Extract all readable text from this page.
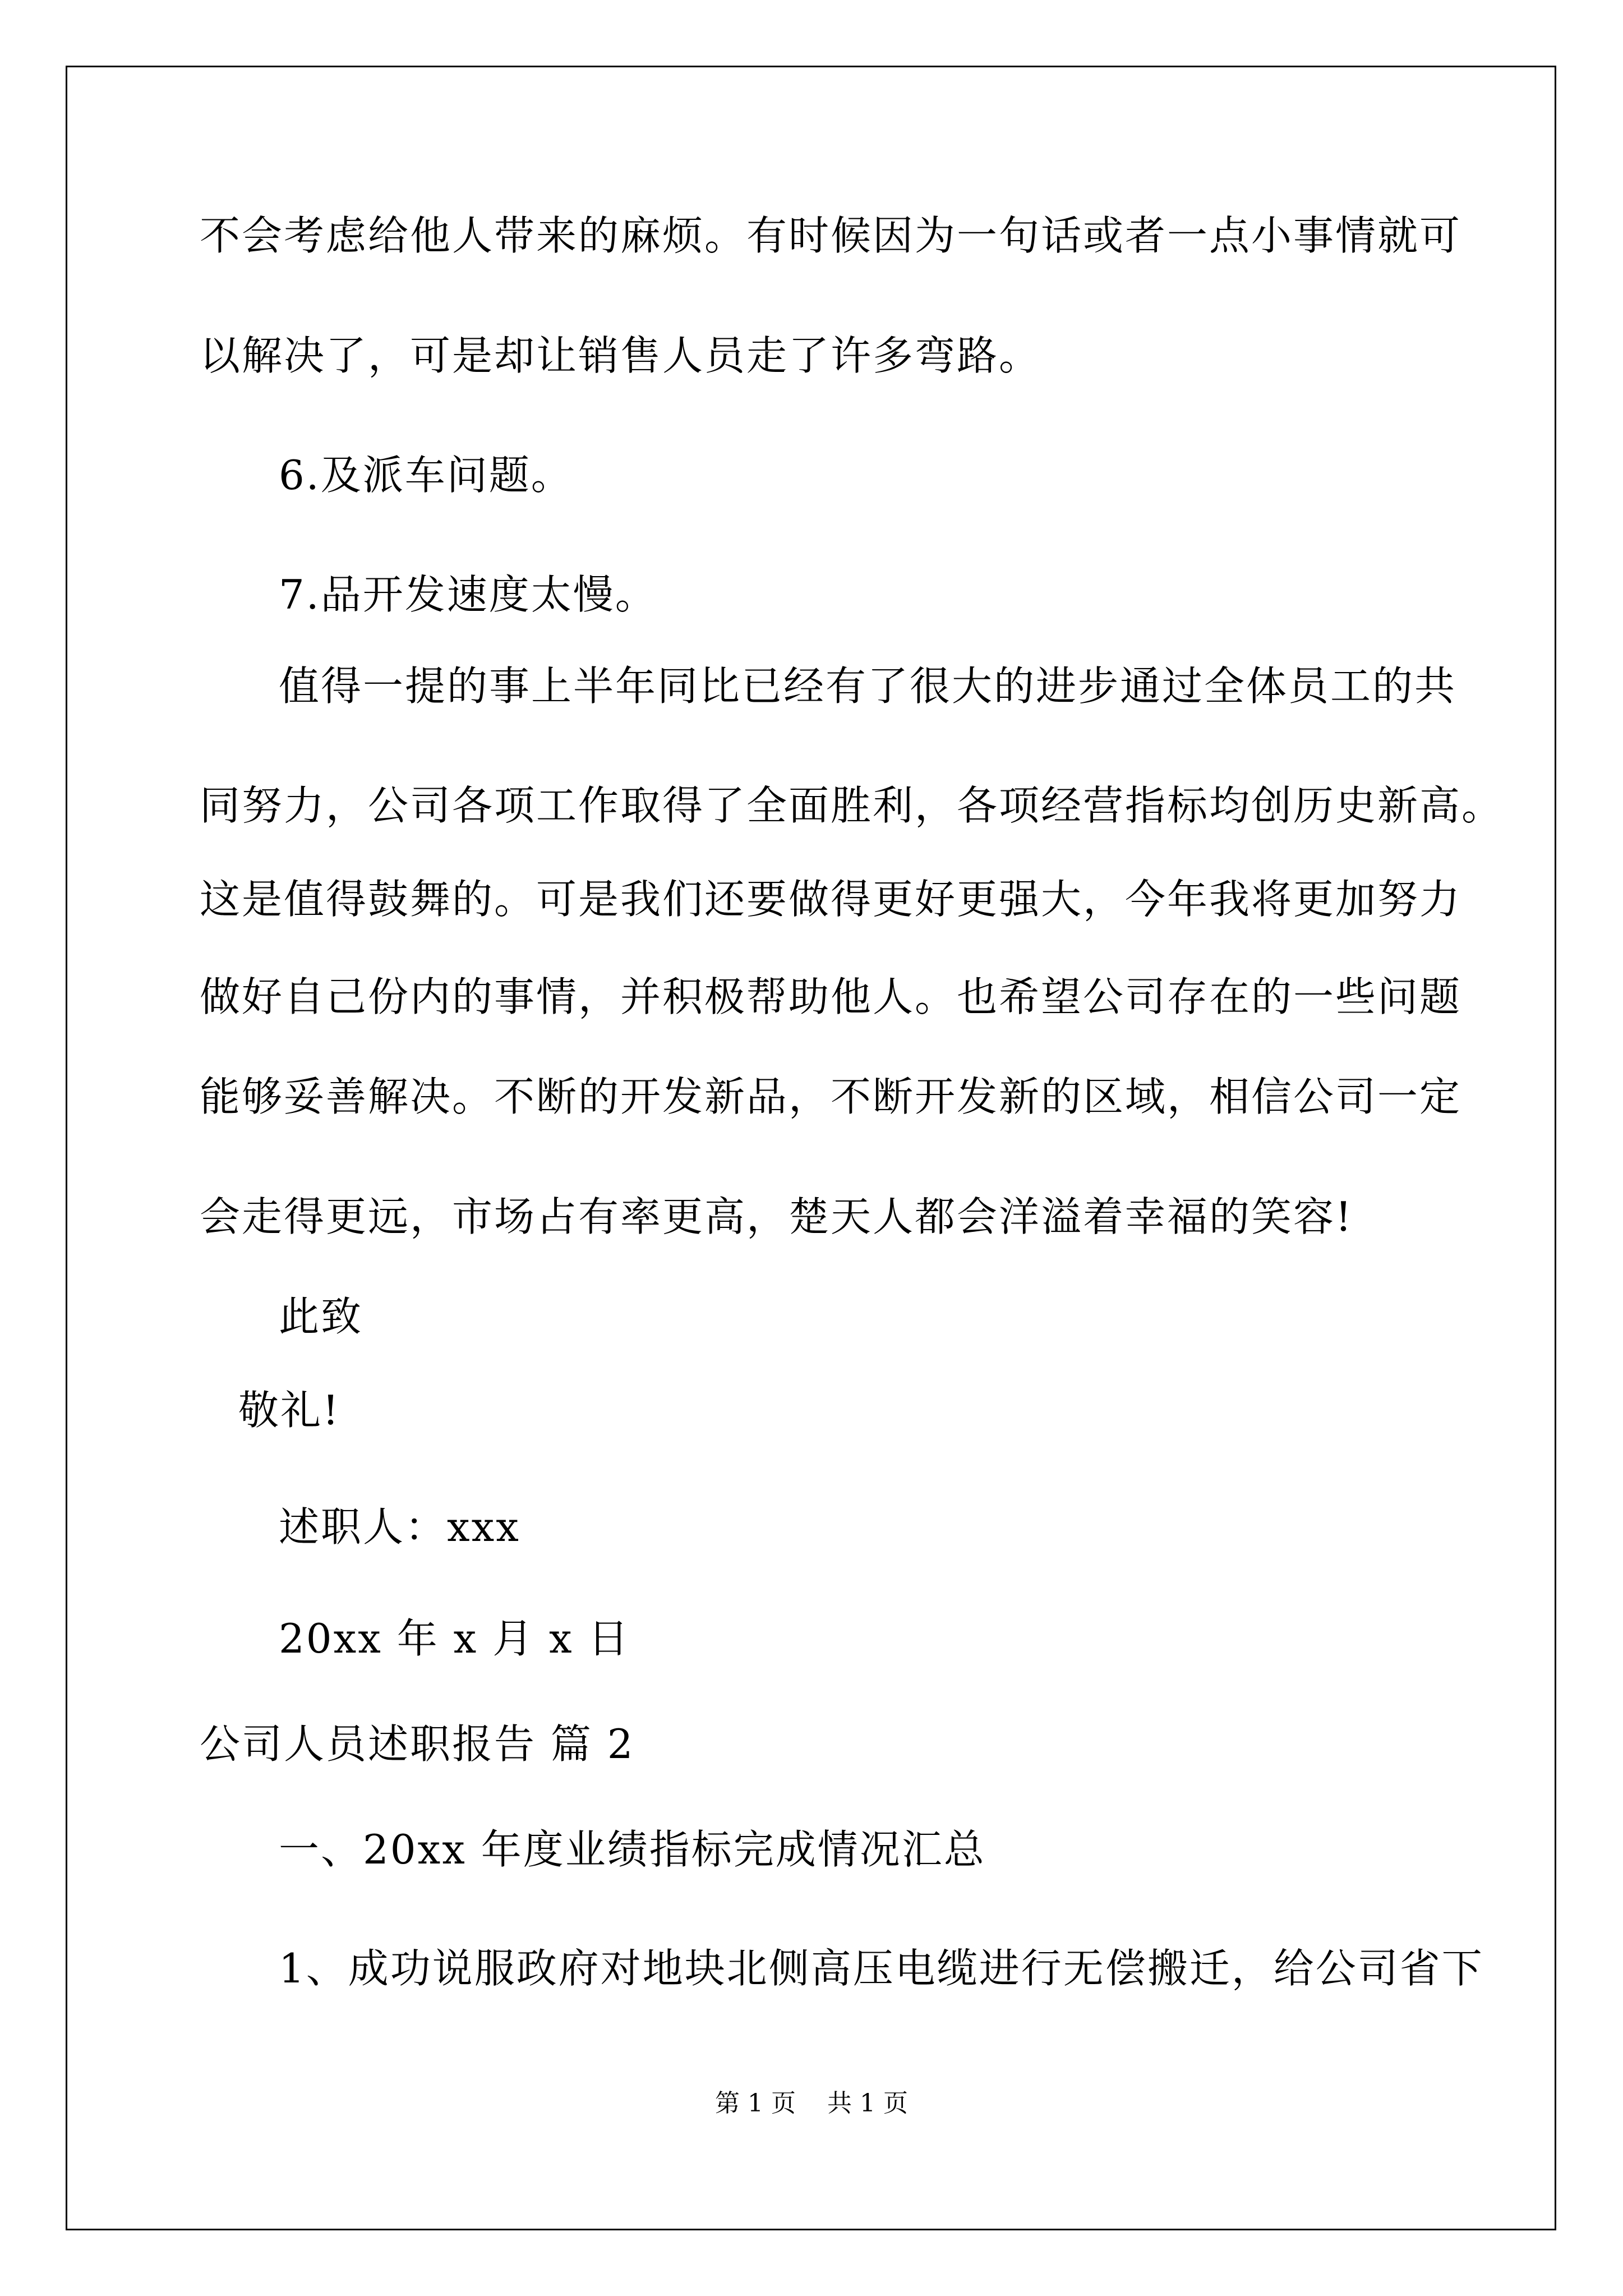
不会考虑给他人带来的麻烦。有时候因为一句话或者一点小事情就可
以解决了，可是却让销售人员走了许多弯路。
6.及派车问题。
7.品开发速度太慢。
值得一提的事上半年同比已经有了很大的进步通过全体员工的共
同努力，公司各项工作取得了全面胜利，各项经营指标均创历史新高。
这是值得鼓舞的。可是我们还要做得更好更强大，今年我将更加努力
做好自己份内的事情，并积极帮助他人。也希望公司存在的一些问题
能够妥善解决。不断的开发新品，不断开发新的区域，相信公司一定
会走得更远，市场占有率更高，楚天人都会洋溢着幸福的笑容!
此致
敬礼!
述职人：xxx
20xx 年 x 月 x 日
公司人员述职报告 篇 2
一、20xx 年度业绩指标完成情况汇总
1、成功说服政府对地块北侧高压电缆进行无偿搬迁，给公司省下
第 1 页 共 1 页
